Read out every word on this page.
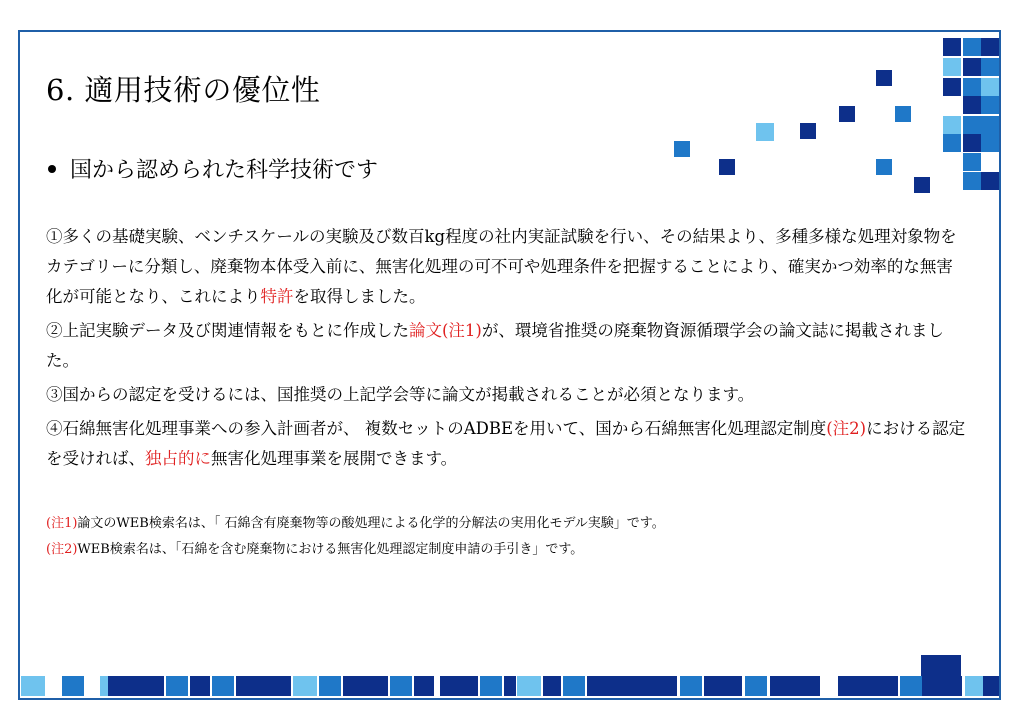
6. 適用技術の優位性
国から認められた科学技術です

①多くの基礎実験、ベンチスケールの実験及び数百kg程度の社内実証試験を行い、その結果より、多種多様な処理対象物をカテゴリーに分類し、廃棄物本体受入前に、無害化処理の可不可や処理条件を把握することにより、確実かつ効率的な無害化が可能となり、これにより特許を取得しました。

②上記実験データ及び関連情報をもとに作成した論文(注1)が、環境省推奨の廃棄物資源循環学会の論文誌に掲載されました。

③国からの認定を受けるには、国推奨の上記学会等に論文が掲載されることが必須となります。

④石綿無害化処理事業への参入計画者が、 複数セットのADBEを用いて、国から石綿無害化処理認定制度(注2)における認定を受ければ、独占的に無害化処理事業を展開できます。

(注1)論文のWEB検索名は、「 石綿含有廃棄物等の酸処理による化学的分解法の実用化モデル実験」です。

(注2)WEB検索名は、「石綿を含む廃棄物における無害化処理認定制度申請の手引き」です。
